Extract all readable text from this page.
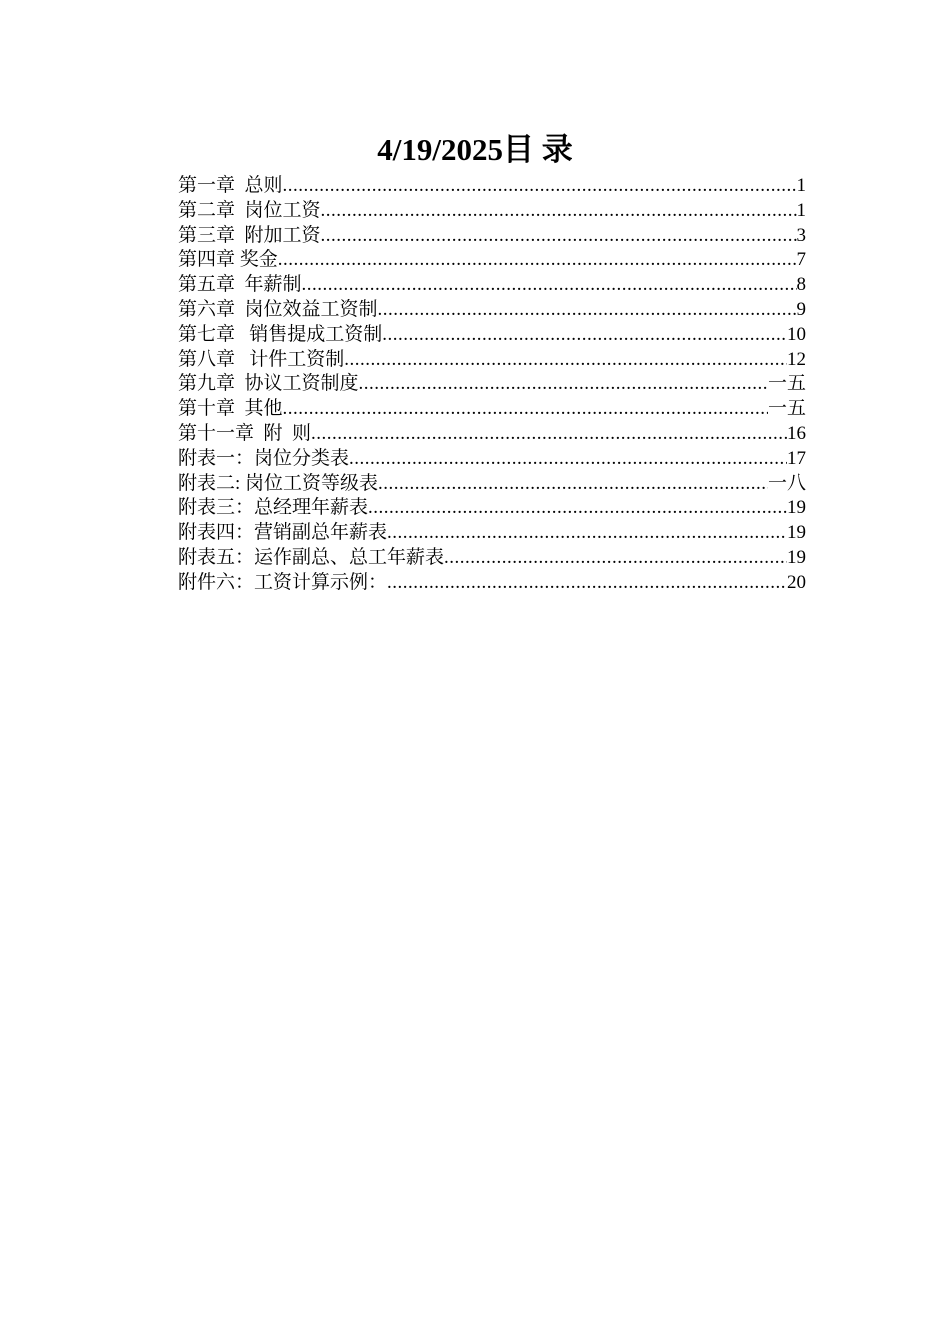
4/19/2025目 录
第一章  总则 .....	1
第二章  岗位工资 .....	1
第三章  附加工资 .....	3
第四章 奖金 .....	7
第五章  年薪制 .....	8
第六章  岗位效益工资制 .....	9
第七章   销售提成工资制 .....	10
第八章   计件工资制 .....	12
第九章  协议工资制度 .....	一五
第十章  其他 .....	一五
第十一章  附  则 .....	16
附表一：岗位分类表 .....	17
附表二: 岗位工资等级表 .....	一八
附表三：总经理年薪表 .....	19
附表四：营销副总年薪表 .....	19
附表五：运作副总、总工年薪表 .....	19
附件六：工资计算示例： .....	20
